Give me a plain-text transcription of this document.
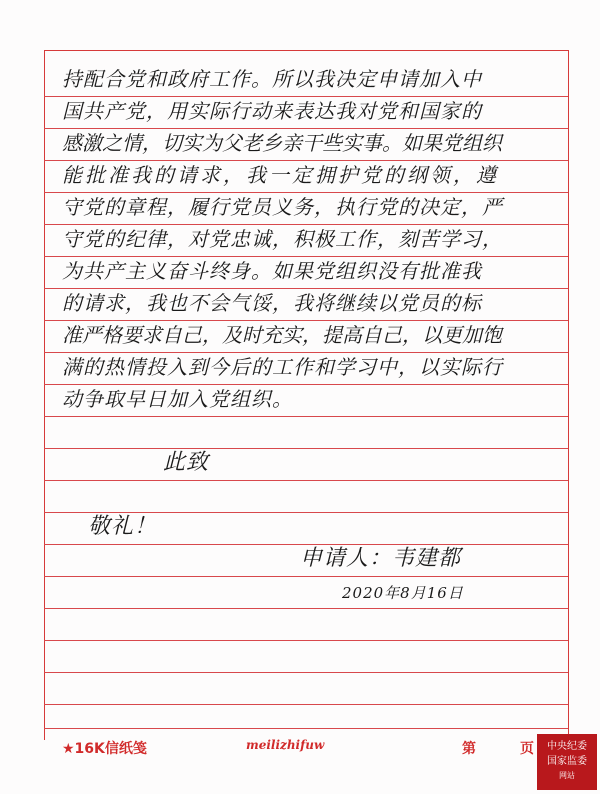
持配合党和政府工作。所以我决定申请加入中
国共产党，用实际行动来表达我对党和国家的
感激之情，切实为父老乡亲干些实事。如果党组织
能批准我的请求，我一定拥护党的纲领，遵
守党的章程，履行党员义务，执行党的决定，严
守党的纪律，对党忠诚，积极工作，刻苦学习，
为共产主义奋斗终身。如果党组织没有批准我
的请求，我也不会气馁，我将继续以党员的标
准严格要求自己，及时充实，提高自己，以更加饱
满的热情投入到今后的工作和学习中，以实际行
动争取早日加入党组织。
此致
敬礼！
申请人：韦建都
2020年8月16日
★16K信纸笺	meilizhifuw	第	页	中央纪委
国家监委
网站
